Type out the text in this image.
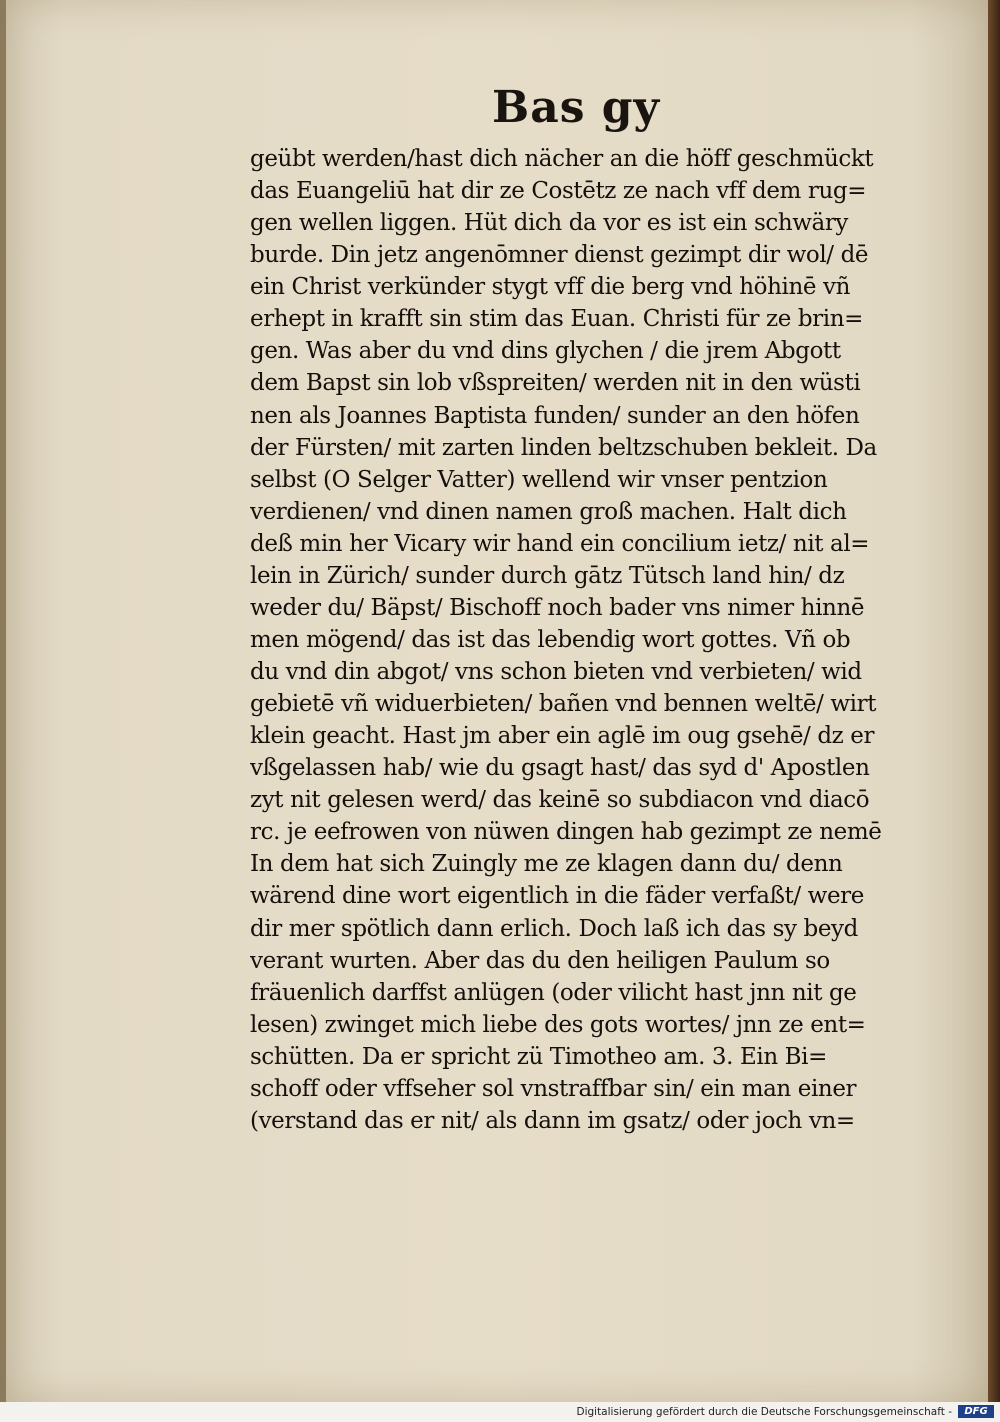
Bas gy
geübt werden/hast dich nächer an die höff geschmückt
das Euangeliū hat dir ze Costētz ze nach vff dem rug=
gen wellen liggen. Hüt dich da vor es ist ein schwäry
burde. Din jetz angenōmner dienst gezimpt dir wol/ dē
ein Christ verkünder stygt vff die berg vnd höhinē vñ
erhept in krafft sin stim das Euan. Christi für ze brin=
gen. Was aber du vnd dins glychen / die jrem Abgott
dem Bapst sin lob vßspreiten/ werden nit in den wüsti
nen als Joannes Baptista funden/ sunder an den höfen
der Fürsten/ mit zarten linden beltzschuben bekleit. Da
selbst (O Selger Vatter) wellend wir vnser pentzion
verdienen/ vnd dinen namen groß machen. Halt dich
deß min her Vicary wir hand ein concilium ietz/ nit al=
lein in Zürich/ sunder durch gātz Tütsch land hin/ dz
weder du/ Bäpst/ Bischoff noch bader vns nimer hinnē
men mögend/ das ist das lebendig wort gottes. Vñ ob
du vnd din abgot/ vns schon bieten vnd verbieten/ wid
gebietē vñ widuerbieten/ bañen vnd bennen weltē/ wirt
klein geacht. Hast jm aber ein aglē im oug gsehē/ dz er
vßgelassen hab/ wie du gsagt hast/ das syd d' Apostlen
zyt nit gelesen werd/ das keinē so subdiacon vnd diacō
rc. je eefrowen von nüwen dingen hab gezimpt ze nemē
In dem hat sich Zuingly me ze klagen dann du/ denn
wärend dine wort eigentlich in die fäder verfaßt/ were
dir mer spötlich dann erlich. Doch laß ich das sy beyd
verant wurten. Aber das du den heiligen Paulum so
fräuenlich darffst anlügen (oder vilicht hast jnn nit ge
lesen) zwinget mich liebe des gots wortes/ jnn ze ent=
schütten. Da er spricht zü Timotheo am. 3. Ein Bi=
schoff oder vffseher sol vnstraffbar sin/ ein man einer
(verstand das er nit/ als dann im gsatz/ oder joch vn=
Digitalisierung gefördert durch die Deutsche Forschungsgemeinschaft -	DFG
